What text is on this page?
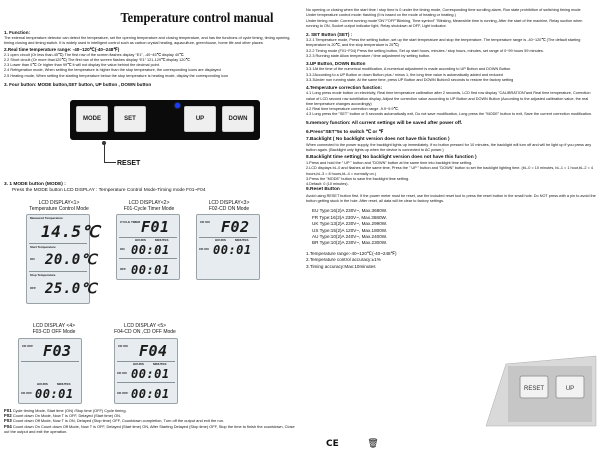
Temperature control manual
1. Function:

The external temperature detector can detect the temperature, set the opening temperature and closing temperature, and has the functions of cycle timing, timing opening, timing closing and timing switch. It is widely used in intelligent control such as carbon crystal heating, aquaculture, greenhouse, home life and other places

2.Real time temperature range: -40~120℃(-40~248℉)

2.1 open circuit (Or less than-45℃) The first row of the screen flashes display “E1”, -40~45℃ display 40℃.

2.2 Short circuit (Or more than120℃) The first row of the screen flashes display “E1” 121-129℃ display 120℃

2.3 Lower than 0℃ Or higher than 99℃ It will not display the value behind the decimal point.

2.4 Refrigeration mode, When setting the temperature is higher than the stop temperature, the corresponding icons are displayed

2.5 Heating mode, When setting the starting temperature below the stop temperature is heating mode, display the corresponding icon

3. Four button: MODE button,SET button, UP button , DOWN button
MODE	SET	UP	DOWN
RESET
3. 1 MODE button (MODE) :
Press the MODE button LCD DISPLAY : Temperature Control Mode-Timing mode F01~F04
LCD DISPLAY<1>
Temperature Control Mode
LCD DISPLAY<2>
F01-Cycle Timer Mode
LCD DISPLAY<3>
F02-CD ON Mode
LCD DISPLAY <4>
F03-CD OFF Mode
LCD DISPLAY <5>
F04-CD ON ,CD OFF Mode
Measured Temperature
14.5℃
Start Temperature
ON 20.0℃
Stop Temperature
OFF 25.0℃
CYCLE TIMER F01
HOURS	MINUTES
ON 00:01
OFF 00:01
CD ON F02
HOURS	MINUTES
CD ON 00:01
CD OFF F03
HOURS	MINUTES
CD OFF 00:01
CD ON F04
HOURS	MINUTES
CD ON 00:01
CD OFF 00:01
F01 Cycle timing Mode, Start time (ON) /Stop time (OFF) Cycle timing.
F02 Count down On Mode, Now T is OFF, Delayed (Start time) ON.
F03 Count down Off Mode, Now T is ON, Delayed (Stop time) OFF, Countdown completion, Turn off the output and exit the run.
F04 Count down On Count down Off Mode, Now T is OFF, Delayed (Start time) ON, After Starting Delayed (Stop time) OFF, Stop the time to finish the countdown, Close out the output and exit the operation.

No opening or closing when the start time / stop time is 0 under the timing mode, Corresponding time scrolling alarm, Run state prohibition of switching timing mode

Under temperature control mode: flashing (It is based on the mode of heating or heating.)

Under timing mode: Current running mode"ON"/"OFF"Blinking, Time symbol" "Blinking, Meanwhile time is running, After the start of the machine, Relay suction when running to ON, Socket output indicator light, Relay shutdown at OFF, Light indicator.

2. SET Button (SET) :

3.2.1 Temperature mode, Press the setting button ,set up the start temperature and stop the temperature. The temperature range is -40~120℃ (The default starting temperature is 20℃, and the stop temperature is 25℃)

3.2.2 Timing mode (F01~F04) Press the setting button, Set up start hours, minutes / stop hours, minutes, set range of 0~99 hours 59 minutes.

3.2.3 Running state Allow temperature / time adjustment by setting button.

3.UP Button, DOWN Button

3.3.1At the time of the numerical modification, A numerical adjustment is made according to UP Button and DOWN Button.

3.3.2According to a UP Button or down Button plus / minus 1, the long time value is automatically added and reduced

3.3.3Under non running state, At the same time, press UP Button and DOWN Button3 seconds to restore the factory setting

4.Temperature correction function:

4.1 Long press mode button on electricity, Real time temperature calibration after 2 seconds, LCD first row display "CALIBRATION"and Real time temperature, Correction value of LCD second row scintillation display, Adjust the correction value according to UP Button and DOWN Button (According to the adjusted calibration value, the real time temperature changes accordingly)

4.2 Real time temperature correction range -9.9~9.9℃.

4.3 Long press the "SET" button or 5 seconds automatically exit, Do not save modification, Long press the "MODE" button to exit, Save the current correction modification.

5.memory function: All current settings will be saved after power off.
6.Press"SET"5s to switch ℃ or ℉
7.Backlight ( No backlight version does not have this function )

When connected to the power supply, the backlight lights up immediately. If no button pressed for 10 minutes, the backlight will turn off and will be light up if you press any button again. (Backlight only lights up when the device is connected to AC power.)

8.Backlight time setting( No backlight version does not have this function )

1.Press and hold the " UP " button and "DOWN" button at the same time into backlight time setting.

2.LCD displays bL-0 and flashes at the same time, Press the " UP " button and "DOWN" button to set the backlight lighting time. (bL-0 = 10 minutes, bL-1 = 1 hour,bL-2 = 4 hours,bL-3 = 8 hours,bL-4 = normally on.)

3.Press the "MODE" button to save the backlight time setting.

4.Default: 0 (10 minutes).

9.Reset Button

Avoid using RESET button first. If the power meter must be reset, use the included reset tool to press the reset button in the small hole. Do NOT press with a pin to avoid the button getting stuck in the hole. After reset, all data will be clear to factory settings.

EU Type:16(2)A 230V~, Max.3680W.
FR Type:16(2)A 230V~, Max.3680W.
UK Type:13(2)A 230V~, Max.2990W.
US Type:15(2)A 120V~, Max.1800W.
AU Type:10(2)A 240V~, Max.2400W.
BR Type:10(2)A 230V~, Max.2300W.
1.Temperature range:-40~120℃(-40~248℉)
2.Temperature control accuracy:±1%
3.Timing accuracy:Max:10minutes
RESET	UP
CE	🗑
